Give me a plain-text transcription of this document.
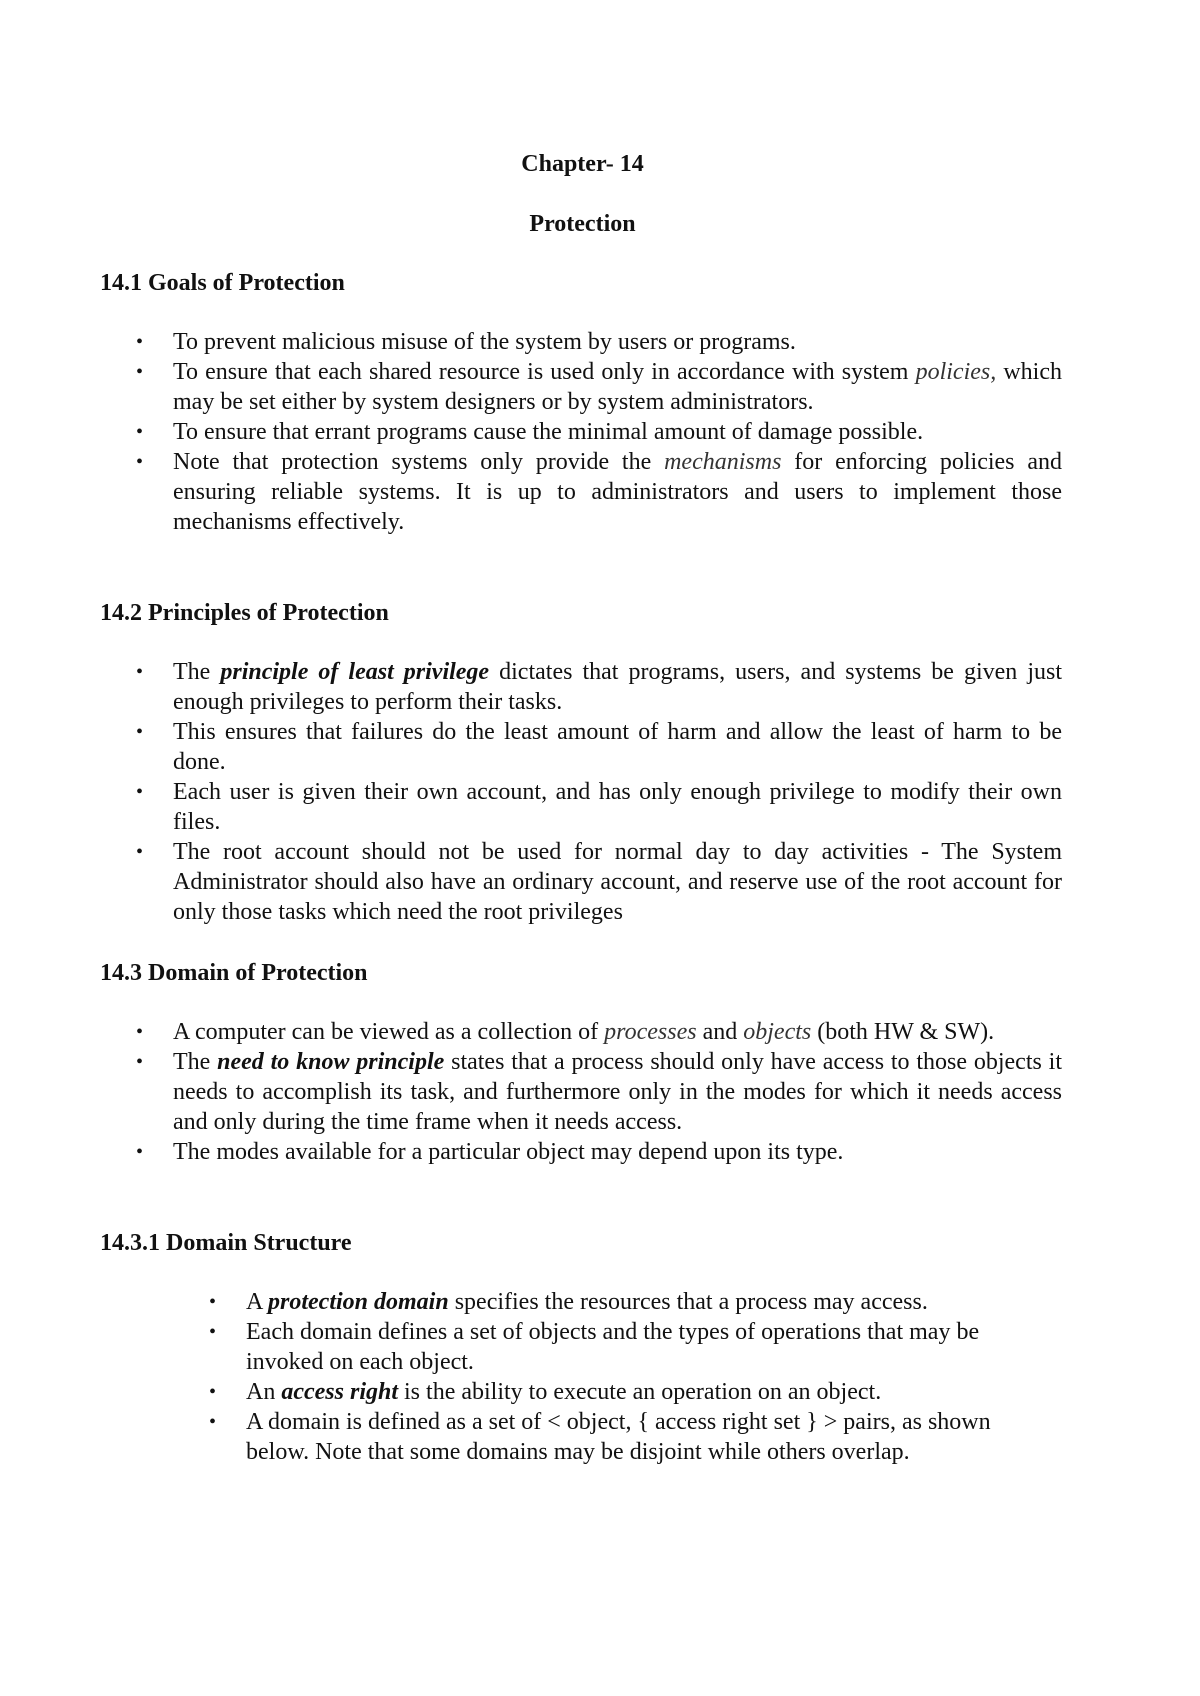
Chapter- 14
Protection
14.1 Goals of Protection
• To prevent malicious misuse of the system by users or programs.
• To ensure that each shared resource is used only in accordance with system policies, which may be set either by system designers or by system administrators.
• To ensure that errant programs cause the minimal amount of damage possible.
• Note that protection systems only provide the mechanisms for enforcing policies and ensuring reliable systems. It is up to administrators and users to implement those mechanisms effectively.
14.2 Principles of Protection
• The principle of least privilege dictates that programs, users, and systems be given just enough privileges to perform their tasks.
• This ensures that failures do the least amount of harm and allow the least of harm to be done.
• Each user is given their own account, and has only enough privilege to modify their own files.
• The root account should not be used for normal day to day activities - The System Administrator should also have an ordinary account, and reserve use of the root account for only those tasks which need the root privileges
14.3 Domain of Protection
• A computer can be viewed as a collection of processes and objects (both HW & SW).
• The need to know principle states that a process should only have access to those objects it needs to accomplish its task, and furthermore only in the modes for which it needs access and only during the time frame when it needs access.
• The modes available for a particular object may depend upon its type.
14.3.1 Domain Structure
• A protection domain specifies the resources that a process may access.
• Each domain defines a set of objects and the types of operations that may be invoked on each object.
• An access right is the ability to execute an operation on an object.
• A domain is defined as a set of < object, { access right set } > pairs, as shown below. Note that some domains may be disjoint while others overlap.
